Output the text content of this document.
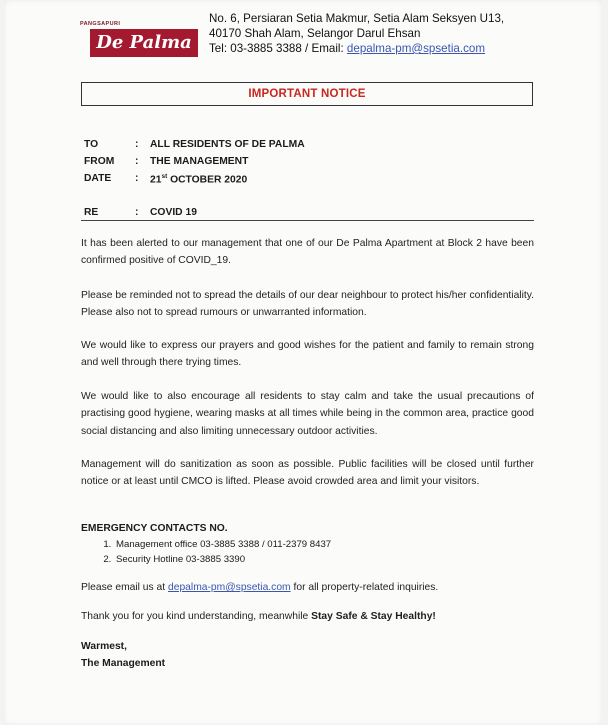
PANGSAPURI
De Palma
No. 6, Persiaran Setia Makmur, Setia Alam Seksyen U13,
40170 Shah Alam, Selangor Darul Ehsan
Tel: 03-3885 3388 / Email: depalma-pm@spsetia.com
IMPORTANT NOTICE
TO	: ALL RESIDENTS OF DE PALMA
FROM	: THE MANAGEMENT
DATE	: 21st OCTOBER 2020
RE	: COVID 19
It has been alerted to our management that one of our De Palma Apartment at Block 2 have been confirmed positive of COVID_19.
Please be reminded not to spread the details of our dear neighbour to protect his/her confidentiality. Please also not to spread rumours or unwarranted information.
We would like to express our prayers and good wishes for the patient and family to remain strong and well through there trying times.
We would like to also encourage all residents to stay calm and take the usual precautions of practising good hygiene, wearing masks at all times while being in the common area, practice good social distancing and also limiting unnecessary outdoor activities.
Management will do sanitization as soon as possible. Public facilities will be closed until further notice or at least until CMCO is lifted. Please avoid crowded area and limit your visitors.
EMERGENCY CONTACTS NO.
1. Management office 03-3885 3388 / 011-2379 8437
2. Security Hotline 03-3885 3390
Please email us at depalma-pm@spsetia.com for all property-related inquiries.
Thank you for you kind understanding, meanwhile Stay Safe & Stay Healthy!
Warmest,
The Management
